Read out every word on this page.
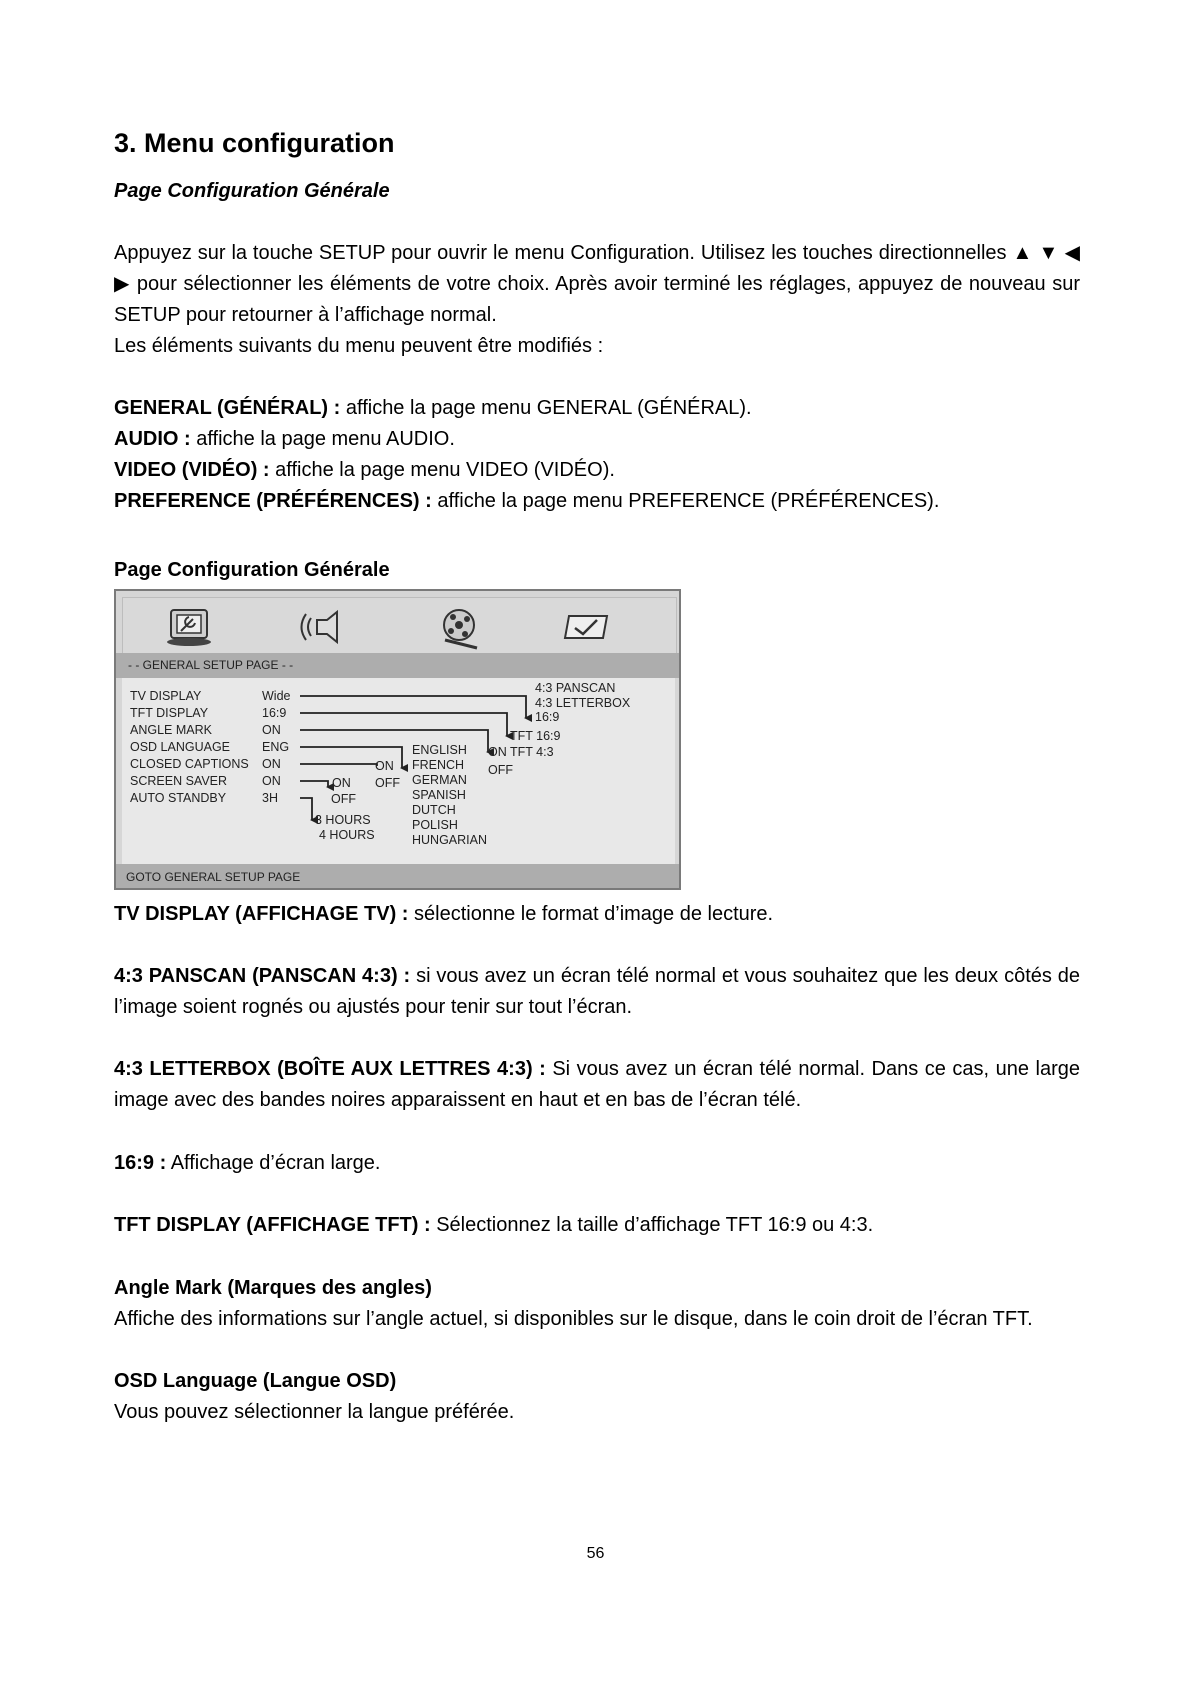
3. Menu configuration
Page Configuration Générale
Appuyez sur la touche SETUP pour ouvrir le menu Configuration. Utilisez les touches directionnelles ▲ ▼ ◀ ▶ pour sélectionner les éléments de votre choix. Après avoir terminé les réglages, appuyez de nouveau sur SETUP pour retourner à l’affichage normal.
Les éléments suivants du menu peuvent être modifiés :
GENERAL (GÉNÉRAL) : affiche la page menu GENERAL (GÉNÉRAL).
AUDIO : affiche la page menu AUDIO.
VIDEO (VIDÉO) : affiche la page menu VIDEO (VIDÉO).
PREFERENCE (PRÉFÉRENCES) : affiche la page menu PREFERENCE (PRÉFÉRENCES).
Page Configuration Générale
- - GENERAL SETUP PAGE - -
TV DISPLAY
TFT DISPLAY
ANGLE MARK
OSD LANGUAGE
CLOSED CAPTIONS
SCREEN SAVER
AUTO STANDBY
Wide
16:9
ON
ENG
ON
ON
3H
4:3 PANSCAN
4:3 LETTERBOX
16:9
TFT 16:9
TFT 4:3
ON
OFF
ENGLISH
FRENCH
GERMAN
SPANISH
DUTCH
POLISH
HUNGARIAN
ON
OFF
ON
OFF
3 HOURS
4 HOURS
GOTO GENERAL SETUP PAGE
TV DISPLAY (AFFICHAGE TV) : sélectionne le format d’image de lecture.
4:3 PANSCAN (PANSCAN 4:3) : si vous avez un écran télé normal et vous souhaitez que les deux côtés de l’image soient rognés ou ajustés pour tenir sur tout l’écran.
4:3 LETTERBOX (BOÎTE AUX LETTRES 4:3) : Si vous avez un écran télé normal. Dans ce cas, une large image avec des bandes noires apparaissent en haut et en bas de l’écran télé.
16:9 : Affichage d’écran large.
TFT DISPLAY (AFFICHAGE TFT) : Sélectionnez la taille d’affichage TFT 16:9 ou 4:3.
Angle Mark (Marques des angles)
Affiche des informations sur l’angle actuel, si disponibles sur le disque, dans le coin droit de l’écran TFT.
OSD Language (Langue OSD)
Vous pouvez sélectionner la langue préférée.
56
